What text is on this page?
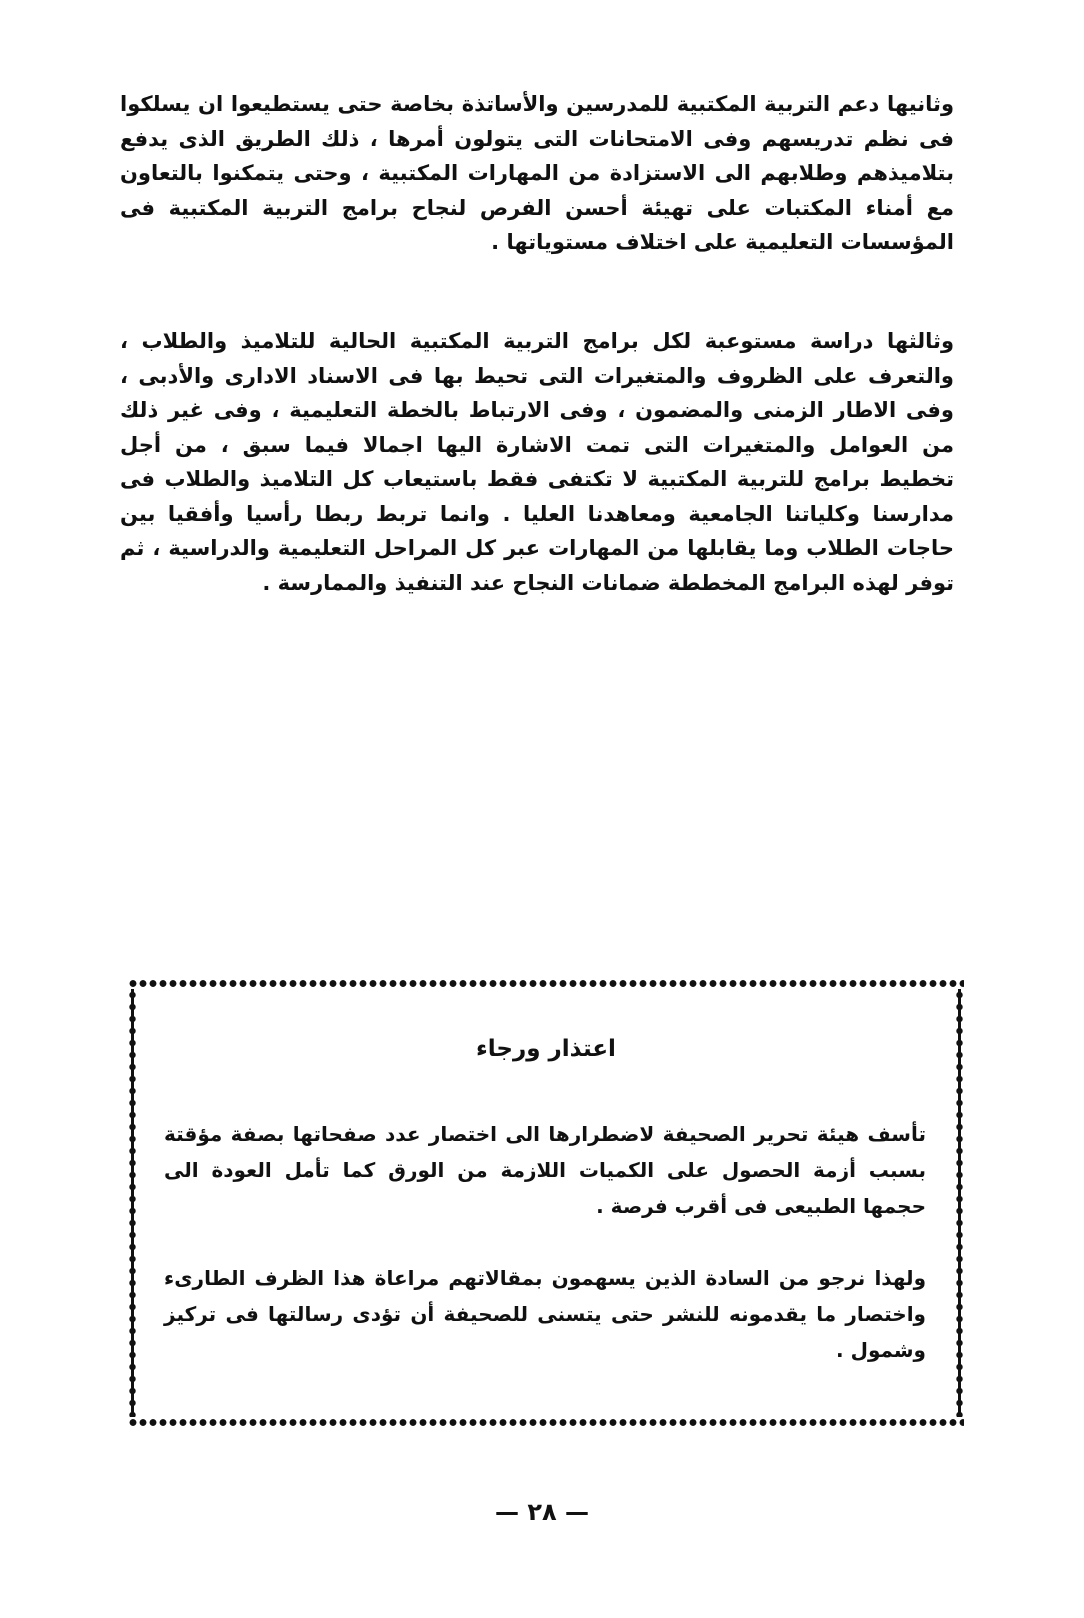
وثانيها دعم التربية المكتبية للمدرسين والأساتذة بخاصة حتى يستطيعوا ان يسلكوا فى نظم تدريسهم وفى الامتحانات التى يتولون أمرها ، ذلك الطريق الذى يدفع بتلاميذهم وطلابهم الى الاستزادة من المهارات المكتبية ، وحتى يتمكنوا بالتعاون مع أمناء المكتبات على تهيئة أحسن الفرص لنجاح برامج التربية المكتبية فى المؤسسات التعليمية على اختلاف مستوياتها .

وثالثها دراسة مستوعبة لكل برامج التربية المكتبية الحالية للتلاميذ والطلاب ، والتعرف على الظروف والمتغيرات التى تحيط بها فى الاسناد الادارى والأدبى ، وفى الاطار الزمنى والمضمون ، وفى الارتباط بالخطة التعليمية ، وفى غير ذلك من العوامل والمتغيرات التى تمت الاشارة اليها اجمالا فيما سبق ، من أجل تخطيط برامج للتربية المكتبية لا تكتفى فقط باستيعاب كل التلاميذ والطلاب فى مدارسنا وكلياتنا الجامعية ومعاهدنا العليا . وانما تربط ربطا رأسيا وأفقيا بين حاجات الطلاب وما يقابلها من المهارات عبر كل المراحل التعليمية والدراسية ، ثم توفر لهذه البرامج المخططة ضمانات النجاح عند التنفيذ والممارسة .

اعتذار ورجاء

تأسف هيئة تحرير الصحيفة لاضطرارها الى اختصار عدد صفحاتها بصفة مؤقتة بسبب أزمة الحصول على الكميات اللازمة من الورق كما تأمل العودة الى حجمها الطبيعى فى أقرب فرصة .

ولهذا نرجو من السادة الذين يسهمون بمقالاتهم مراعاة هذا الظرف الطارىء واختصار ما يقدمونه للنشر حتى يتسنى للصحيفة أن تؤدى رسالتها فى تركيز وشمول .

— ٢٨ —
